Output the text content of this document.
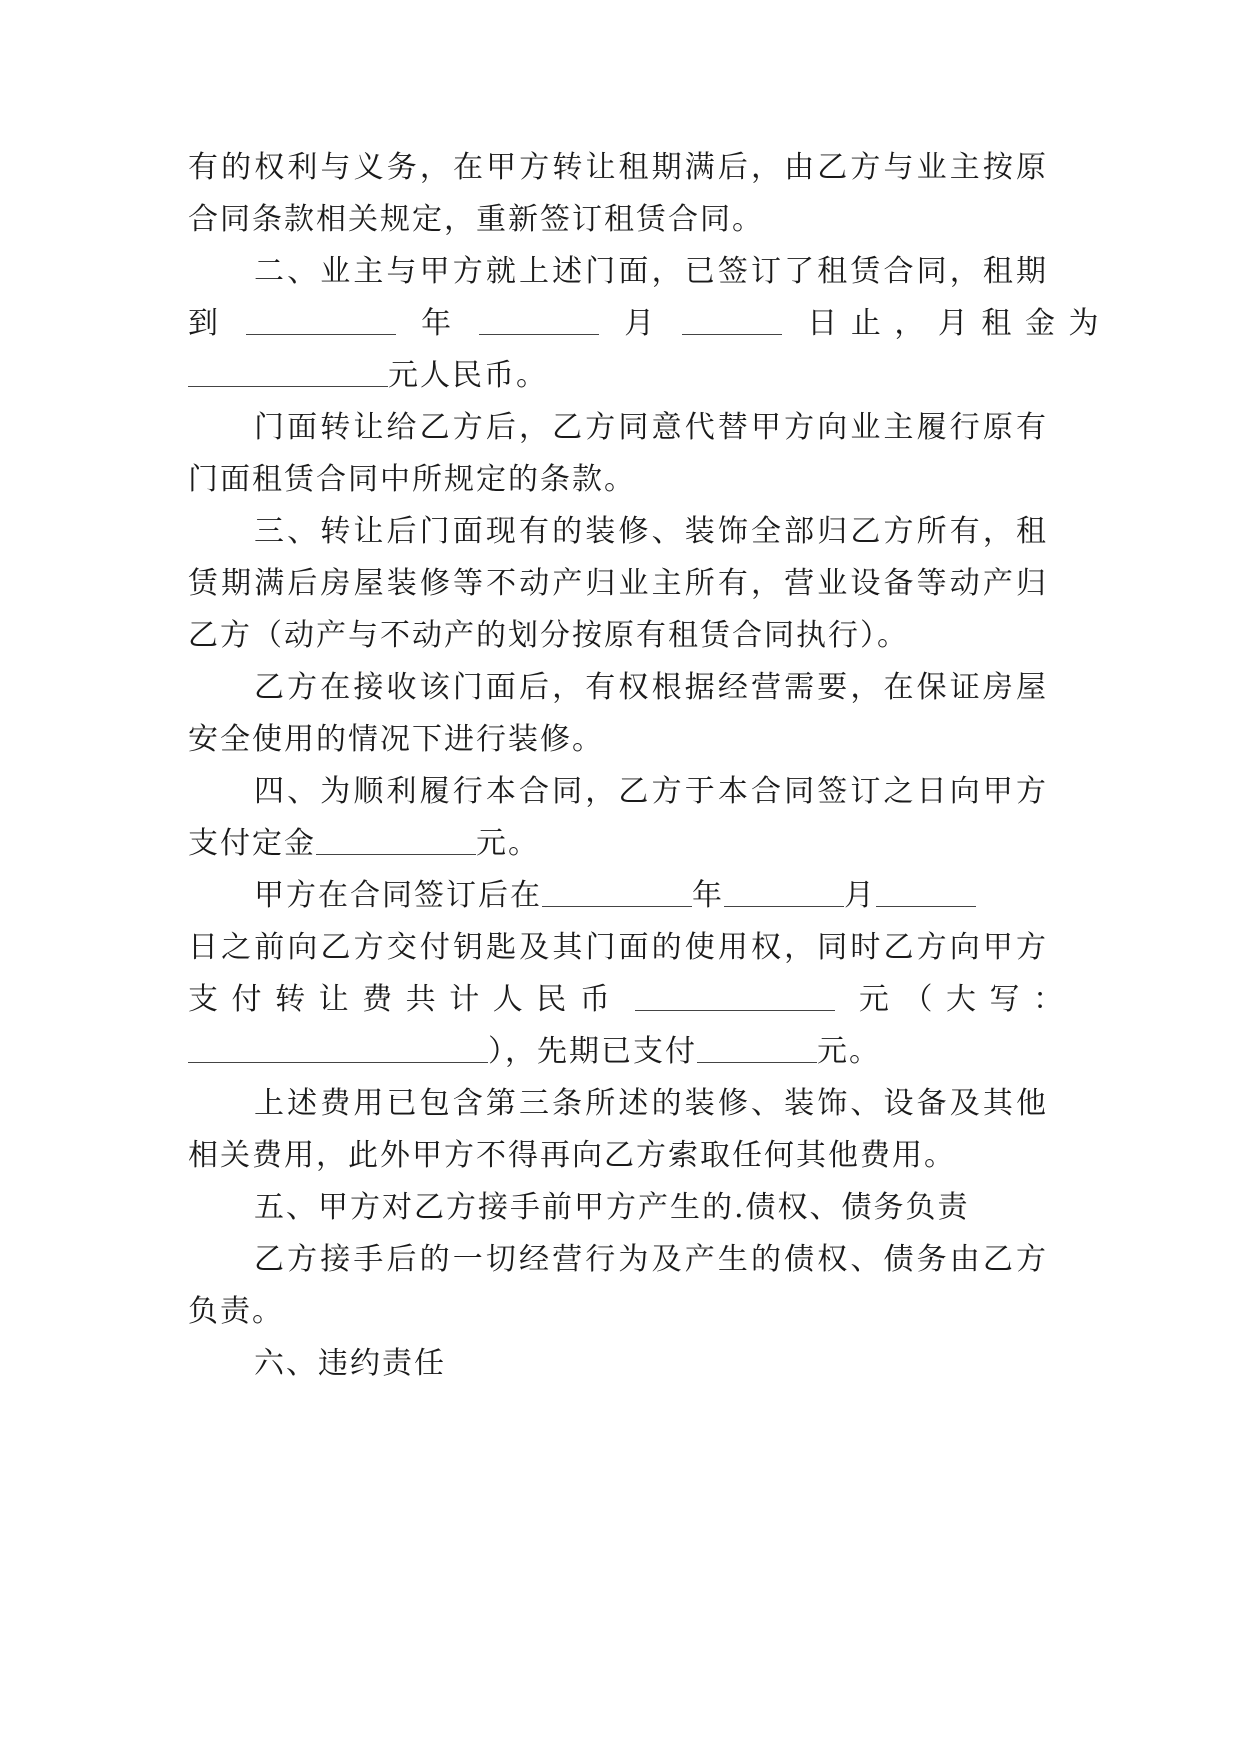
有的权利与义务，在甲方转让租期满后，由乙方与业主按原
合同条款相关规定，重新签订租赁合同。
二、业主与甲方就上述门面，已签订了租赁合同，租期
到	年	月	日 止 ， 月 租 金 为
元人民币。
门面转让给乙方后，乙方同意代替甲方向业主履行原有
门面租赁合同中所规定的条款。
三、转让后门面现有的装修、装饰全部归乙方所有，租
赁期满后房屋装修等不动产归业主所有，营业设备等动产归
乙方（动产与不动产的划分按原有租赁合同执行）。
乙方在接收该门面后，有权根据经营需要，在保证房屋
安全使用的情况下进行装修。
四、为顺利履行本合同，乙方于本合同签订之日向甲方
支付定金	元。
甲方在合同签订后在	年	月
日之前向乙方交付钥匙及其门面的使用权，同时乙方向甲方
支 付 转 让 费 共 计 人 民 币	元 （ 大 写 ：
），先期已支付	元。
上述费用已包含第三条所述的装修、装饰、设备及其他
相关费用，此外甲方不得再向乙方索取任何其他费用。
五、甲方对乙方接手前甲方产生的.债权、债务负责
乙方接手后的一切经营行为及产生的债权、债务由乙方
负责。
六、违约责任
